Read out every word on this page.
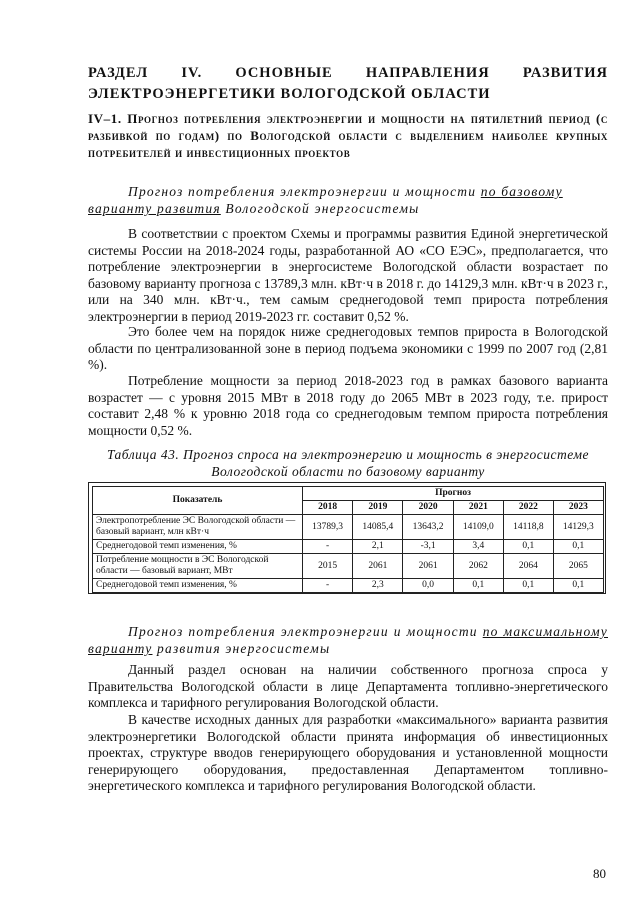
РАЗДЕЛ IV. ОСНОВНЫЕ НАПРАВЛЕНИЯ РАЗВИТИЯ
ЭЛЕКТРОЭНЕРГЕТИКИ ВОЛОГОДСКОЙ ОБЛАСТИ
IV–1. Прогноз потребления электроэнергии и мощности на пятилетний период (с разбивкой по годам) по Вологодской области с выделением наиболее крупных потребителей и инвестиционных проектов
Прогноз потребления электроэнергии и мощности по базовому варианту развития Вологодской энергосистемы
В соответствии с проектом Схемы и программы развития Единой энергетической системы России на 2018-2024 годы, разработанной АО «СО ЕЭС», предполагается, что потребление электроэнергии в энергосистеме Вологодской области возрастает по базовому варианту прогноза с 13789,3 млн. кВт·ч в 2018 г. до 14129,3 млн. кВт·ч в 2023 г., или на 340 млн. кВт·ч., тем самым среднегодовой темп прироста потребления электроэнергии в период 2019-2023 гг. составит 0,52 %.
Это более чем на порядок ниже среднегодовых темпов прироста в Вологодской области по централизованной зоне в период подъема экономики с 1999 по 2007 год (2,81 %).
Потребление мощности за период 2018-2023 год в рамках базового варианта возрастет — с уровня 2015 МВт в 2018 году до 2065 МВт в 2023 году, т.е. прирост составит 2,48 % к уровню 2018 года со среднегодовым темпом прироста потребления мощности 0,52 %.
Таблица 43. Прогноз спроса на электроэнергию и мощность в энергосистеме
Вологодской области по базовому варианту
Показатель	Прогноз					
	2018	2019	2020	2021	2022	2023
Электропотребление ЭС Вологодской области — базовый вариант, млн кВт·ч	13789,3	14085,4	13643,2	14109,0	14118,8	14129,3
Среднегодовой темп изменения, %	-	2,1	-3,1	3,4	0,1	0,1
Потребление мощности в ЭС Вологодской области — базовый вариант, МВт	2015	2061	2061	2062	2064	2065
Среднегодовой темп изменения, %	-	2,3	0,0	0,1	0,1	0,1
Прогноз потребления электроэнергии и мощности по максимальному варианту развития энергосистемы
Данный раздел основан на наличии собственного прогноза спроса у Правительства Вологодской области в лице Департамента топливно-энергетического комплекса и тарифного регулирования Вологодской области.
В качестве исходных данных для разработки «максимального» варианта развития электроэнергетики Вологодской области принята информация об инвестиционных проектах, структуре вводов генерирующего оборудования и установленной мощности генерирующего оборудования, предоставленная Департаментом топливно-энергетического комплекса и тарифного регулирования Вологодской области.
80
